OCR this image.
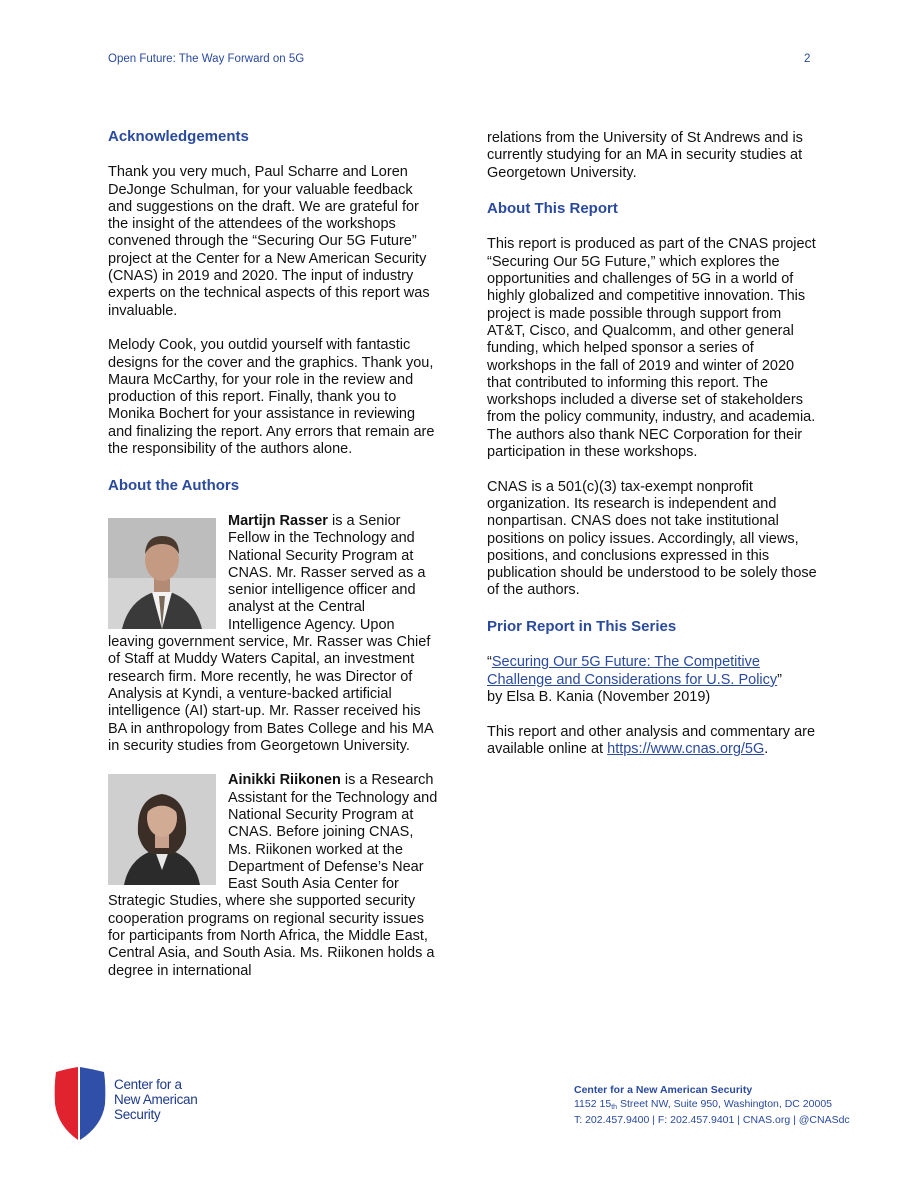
Open Future: The Way Forward on 5G	2
Acknowledgements

Thank you very much, Paul Scharre and Loren DeJonge Schulman, for your valuable feedback and suggestions on the draft. We are grateful for the insight of the attendees of the workshops convened through the “Securing Our 5G Future” project at the Center for a New American Security (CNAS) in 2019 and 2020. The input of industry experts on the technical aspects of this report was invaluable.

Melody Cook, you outdid yourself with fantastic designs for the cover and the graphics. Thank you, Maura McCarthy, for your role in the review and production of this report. Finally, thank you to Monika Bochert for your assistance in reviewing and finalizing the report. Any errors that remain are the responsibility of the authors alone.

About the Authors

Martijn Rasser is a Senior Fellow in the Technology and National Security Program at CNAS. Mr. Rasser served as a senior intelligence officer and analyst at the Central Intelligence Agency. Upon leaving government service, Mr. Rasser was Chief of Staff at Muddy Waters Capital, an investment research firm. More recently, he was Director of Analysis at Kyndi, a venture-backed artificial intelligence (AI) start-up. Mr. Rasser received his BA in anthropology from Bates College and his MA in security studies from Georgetown University.

Ainikki Riikonen is a Research Assistant for the Technology and National Security Program at CNAS. Before joining CNAS, Ms. Riikonen worked at the Department of Defense’s Near East South Asia Center for Strategic Studies, where she supported security cooperation programs on regional security issues for participants from North Africa, the Middle East, Central Asia, and South Asia. Ms. Riikonen holds a degree in international

relations from the University of St Andrews and is currently studying for an MA in security studies at Georgetown University.

About This Report

This report is produced as part of the CNAS project “Securing Our 5G Future,” which explores the opportunities and challenges of 5G in a world of highly globalized and competitive innovation. This project is made possible through support from AT&T, Cisco, and Qualcomm, and other general funding, which helped sponsor a series of workshops in the fall of 2019 and winter of 2020 that contributed to informing this report. The workshops included a diverse set of stakeholders from the policy community, industry, and academia. The authors also thank NEC Corporation for their participation in these workshops.

CNAS is a 501(c)(3) tax-exempt nonprofit organization. Its research is independent and nonpartisan. CNAS does not take institutional positions on policy issues. Accordingly, all views, positions, and conclusions expressed in this publication should be understood to be solely those of the authors.

Prior Report in This Series

“Securing Our 5G Future: The Competitive Challenge and Considerations for U.S. Policy”
by Elsa B. Kania (November 2019)

This report and other analysis and commentary are available online at https://www.cnas.org/5G.

Center for a
New American
Security
Center for a New American Security
1152 15th Street NW, Suite 950, Washington, DC 20005
T: 202.457.9400 | F: 202.457.9401 | CNAS.org | @CNASdc
